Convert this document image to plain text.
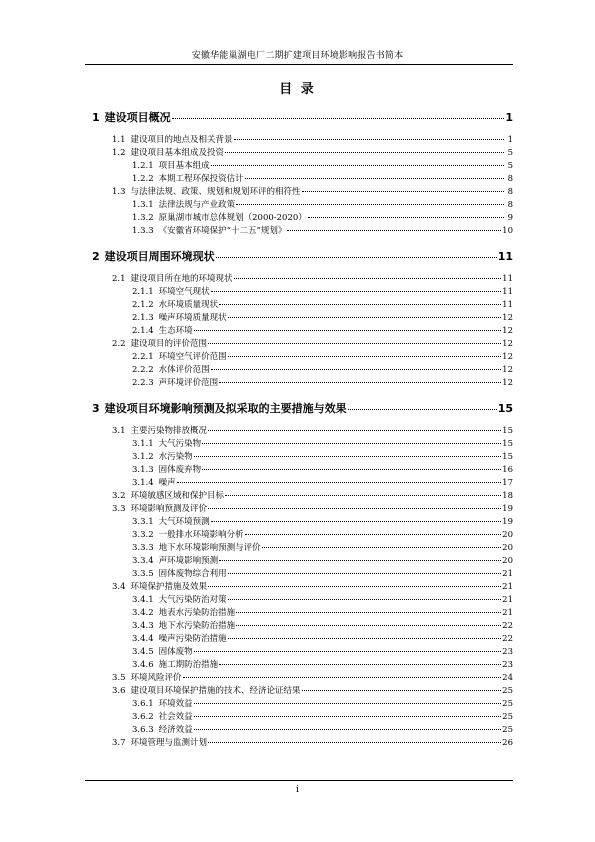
安徽华能巢湖电厂二期扩建项目环境影响报告书简本
目 录
1 建设项目概况	1
1.1 建设项目的地点及相关背景	1
1.2 建设项目基本组成及投资	5
1.2.1 项目基本组成	5
1.2.2 本期工程环保投资估计	8
1.3 与法律法规、政策、规划和规划环评的相符性	8
1.3.1 法律法规与产业政策	8
1.3.2 原巢湖市城市总体规划（2000-2020）	9
1.3.3 《安徽省环境保护“十二五”规划》	10
2 建设项目周围环境现状	11
2.1 建设项目所在地的环境现状	11
2.1.1 环境空气现状	11
2.1.2 水环境质量现状	11
2.1.3 噪声环境质量现状	12
2.1.4 生态环境	12
2.2 建设项目的评价范围	12
2.2.1 环境空气评价范围	12
2.2.2 水体评价范围	12
2.2.3 声环境评价范围	12
3 建设项目环境影响预测及拟采取的主要措施与效果	15
3.1 主要污染物排放概况	15
3.1.1 大气污染物	15
3.1.2 水污染物	15
3.1.3 固体废弃物	16
3.1.4 噪声	17
3.2 环境敏感区域和保护目标	18
3.3 环境影响预测及评价	19
3.3.1 大气环境预测	19
3.3.2 一般排水环境影响分析	20
3.3.3 地下水环境影响预测与评价	20
3.3.4 声环境影响预测	20
3.3.5 固体废物综合利用	21
3.4 环境保护措施及效果	21
3.4.1 大气污染防治对策	21
3.4.2 地表水污染防治措施	21
3.4.3 地下水污染防治措施	22
3.4.4 噪声污染防治措施	22
3.4.5 固体废物	23
3.4.6 施工期防治措施	23
3.5 环境风险评价	24
3.6 建设项目环境保护措施的技术、经济论证结果	25
3.6.1 环境效益	25
3.6.2 社会效益	25
3.6.3 经济效益	25
3.7 环境管理与监测计划	26
i
